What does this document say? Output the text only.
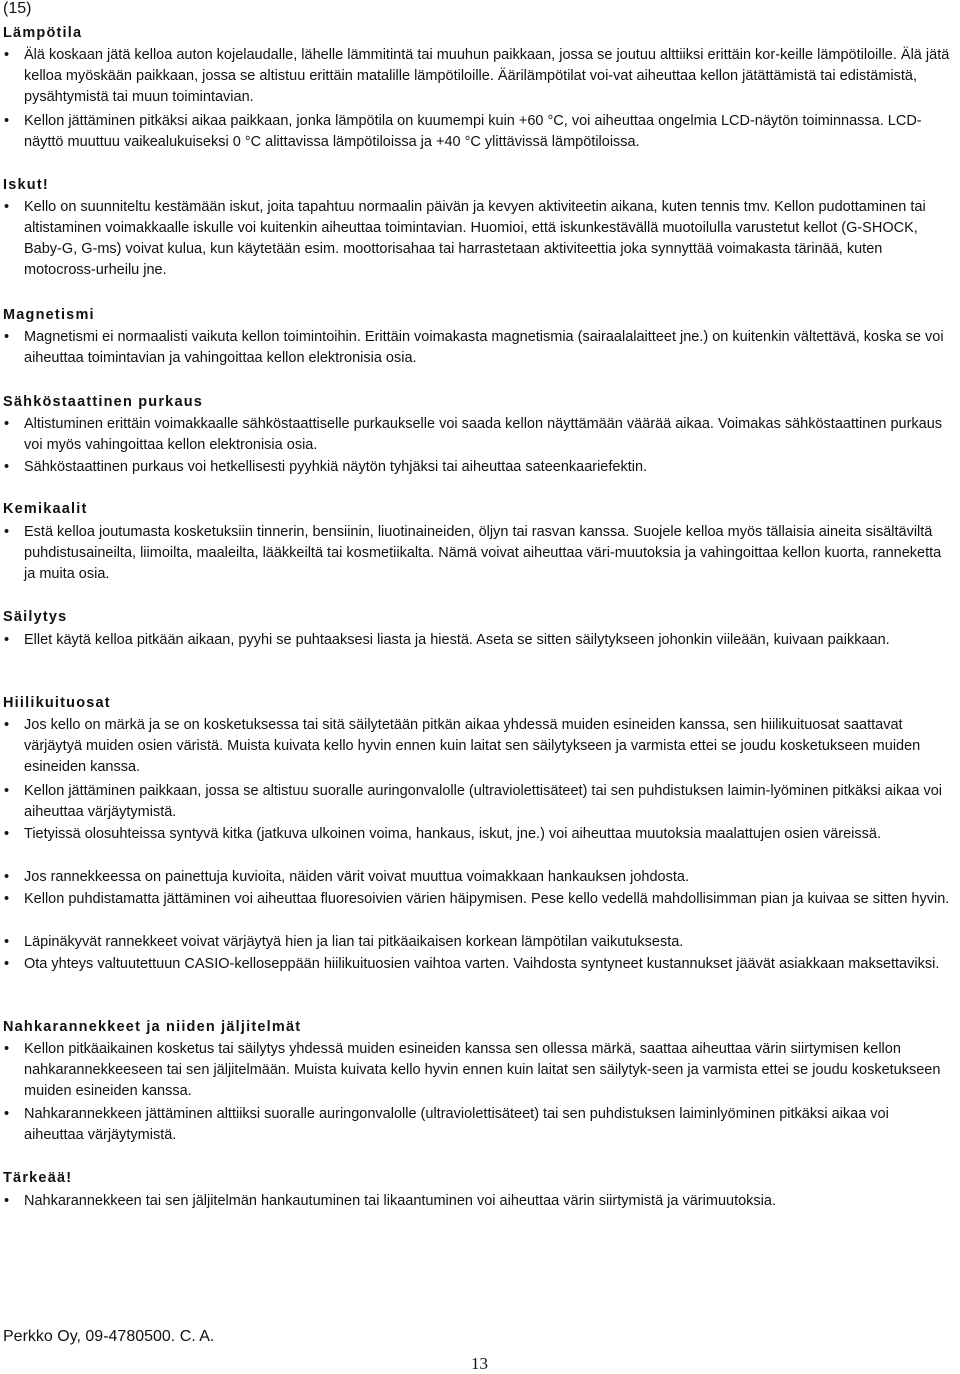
(15)
Lämpötila
• Älä koskaan jätä kelloa auton kojelaudalle, lähelle lämmitintä tai muuhun paikkaan, jossa se joutuu alttiiksi erittäin kor-keille lämpötiloille. Älä jätä kelloa myöskään paikkaan, jossa se altistuu erittäin matalille lämpötiloille. Äärilämpötilat voi-vat aiheuttaa kellon jätättämistä tai edistämistä, pysähtymistä tai muun toimintavian.
• Kellon jättäminen pitkäksi aikaa paikkaan, jonka lämpötila on kuumempi kuin +60 °C, voi aiheuttaa ongelmia LCD-näytön toiminnassa. LCD-näyttö muuttuu vaikealukuiseksi 0 °C alittavissa lämpötiloissa ja +40 °C ylittävissä lämpötiloissa.
Iskut!
• Kello on suunniteltu kestämään iskut, joita tapahtuu normaalin päivän ja kevyen aktiviteetin aikana, kuten tennis tmv. Kellon pudottaminen tai altistaminen voimakkaalle iskulle voi kuitenkin aiheuttaa toimintavian. Huomioi, että iskunkestävällä muotoilulla varustetut kellot (G-SHOCK, Baby-G, G-ms) voivat kulua, kun käytetään esim. moottorisahaa tai harrastetaan aktiviteettia joka synnyttää voimakasta tärinää, kuten motocross-urheilu jne.
Magnetismi
• Magnetismi ei normaalisti vaikuta kellon toimintoihin. Erittäin voimakasta magnetismia (sairaalalaitteet jne.) on kuitenkin vältettävä, koska se voi aiheuttaa toimintavian ja vahingoittaa kellon elektronisia osia.
Sähköstaattinen purkaus
• Altistuminen erittäin voimakkaalle sähköstaattiselle purkaukselle voi saada kellon näyttämään väärää aikaa. Voimakas sähköstaattinen purkaus voi myös vahingoittaa kellon elektronisia osia.
• Sähköstaattinen purkaus voi hetkellisesti pyyhkiä näytön tyhjäksi tai aiheuttaa sateenkaariefektin.
Kemikaalit
• Estä kelloa joutumasta kosketuksiin tinnerin, bensiinin, liuotinaineiden, öljyn tai rasvan kanssa. Suojele kelloa myös tällaisia aineita sisältäviltä puhdistusaineilta, liimoilta, maaleilta, lääkkeiltä tai kosmetiikalta. Nämä voivat aiheuttaa väri-muutoksia ja vahingoittaa kellon kuorta, ranneketta ja muita osia.
Säilytys
• Ellet käytä kelloa pitkään aikaan, pyyhi se puhtaaksesi liasta ja hiestä. Aseta se sitten säilytykseen johonkin viileään, kuivaan paikkaan.
Hiilikuituosat
• Jos kello on märkä ja se on kosketuksessa tai sitä säilytetään pitkän aikaa yhdessä muiden esineiden kanssa, sen hiilikuituosat saattavat värjäytyä muiden osien väristä. Muista kuivata kello hyvin ennen kuin laitat sen säilytykseen ja varmista ettei se joudu kosketukseen muiden esineiden kanssa.
• Kellon jättäminen paikkaan, jossa se altistuu suoralle auringonvalolle (ultraviolettisäteet) tai sen puhdistuksen laimin-lyöminen pitkäksi aikaa voi aiheuttaa värjäytymistä.
• Tietyissä olosuhteissa syntyvä kitka (jatkuva ulkoinen voima, hankaus, iskut, jne.) voi aiheuttaa muutoksia maalattujen osien väreissä.
• Jos rannekkeessa on painettuja kuvioita, näiden värit voivat muuttua voimakkaan hankauksen johdosta.
• Kellon puhdistamatta jättäminen voi aiheuttaa fluoresoivien värien häipymisen. Pese kello vedellä mahdollisimman pian ja kuivaa se sitten hyvin.
• Läpinäkyvät rannekkeet voivat värjäytyä hien ja lian tai pitkäaikaisen korkean lämpötilan vaikutuksesta.
• Ota yhteys valtuutettuun CASIO-kelloseppään hiilikuituosien vaihtoa varten. Vaihdosta syntyneet kustannukset jäävät asiakkaan maksettaviksi.
Nahkarannekkeet ja niiden jäljitelmät
• Kellon pitkäaikainen kosketus tai säilytys yhdessä muiden esineiden kanssa sen ollessa märkä, saattaa aiheuttaa värin siirtymisen kellon nahkarannekkeeseen tai sen jäljitelmään. Muista kuivata kello hyvin ennen kuin laitat sen säilytyk-seen ja varmista ettei se joudu kosketukseen muiden esineiden kanssa.
• Nahkarannekkeen jättäminen alttiiksi suoralle auringonvalolle (ultraviolettisäteet) tai sen puhdistuksen laiminlyöminen pitkäksi aikaa voi aiheuttaa värjäytymistä.
Tärkeää!
• Nahkarannekkeen tai sen jäljitelmän hankautuminen tai likaantuminen voi aiheuttaa värin siirtymistä ja värimuutoksia.
Perkko Oy, 09-4780500. C. A.
13
